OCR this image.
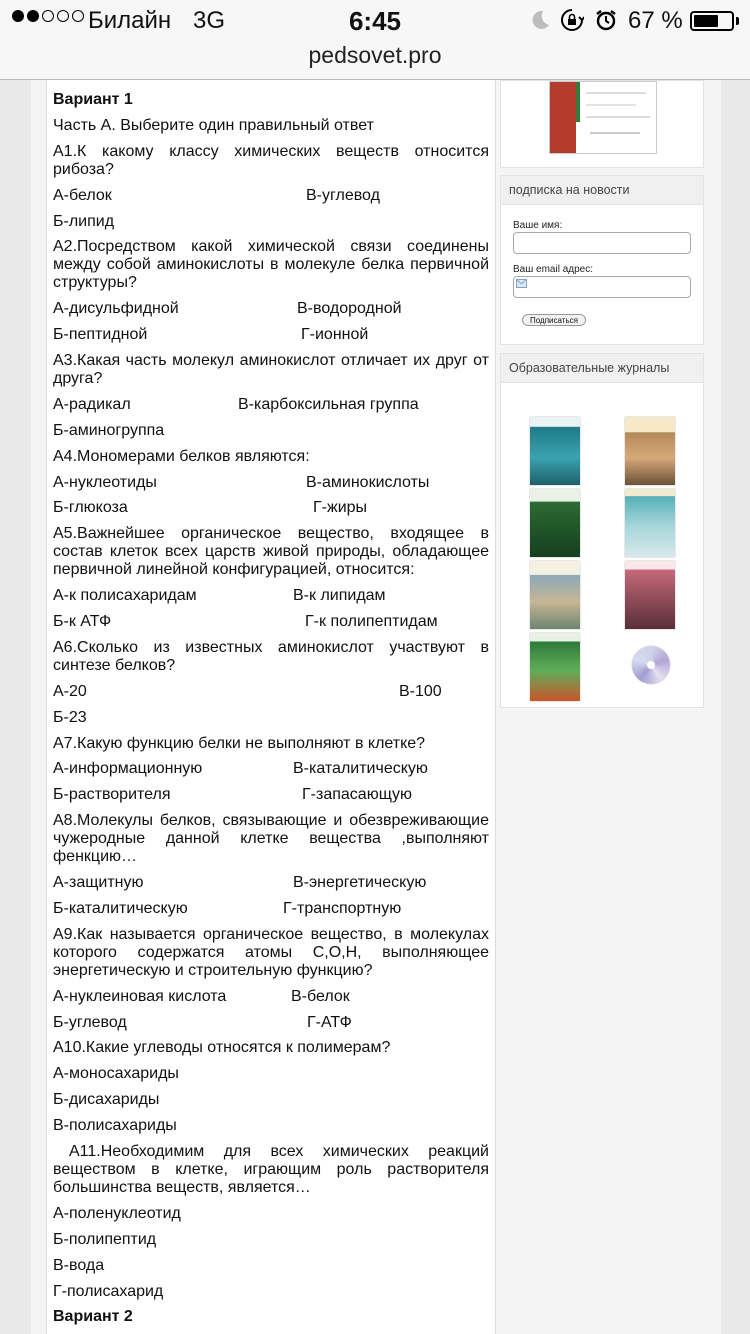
Билайн 3G	6:45	67 %
pedsovet.pro
Вариант 1
Часть А. Выберите один правильный ответ
А1.К какому классу химических веществ относится рибоза?
А-белок	В-углевод
Б-липид
А2.Посредством какой химической связи соединены между собой аминокислоты в молекуле белка первичной структуры?
А-дисульфидной	В-водородной
Б-пептидной	Г-ионной
А3.Какая часть молекул аминокислот отличает их друг от друга?
А-радикал	В-карбоксильная группа
Б-аминогруппа
А4.Мономерами белков являются:
А-нуклеотиды	В-аминокислоты
Б-глюкоза	Г-жиры
А5.Важнейшее органическое вещество, входящее в состав клеток всех царств живой природы, обладающее первичной линейной конфигурацией, относится:
А-к полисахаридам	В-к липидам
Б-к АТФ	Г-к полипептидам
А6.Сколько из известных аминокислот участвуют в синтезе белков?
А-20	В-100
Б-23
А7.Какую функцию белки не выполняют в клетке?
А-информационную	В-каталитическую
Б-растворителя	Г-запасающую
А8.Молекулы белков, связывающие и обезвреживающие чужеродные данной клетке вещества ,выполняют фенкцию…
А-защитную	В-энергетическую
Б-каталитическую	Г-транспортную
А9.Как называется органическое вещество, в молекулах которого содержатся атомы С,О,Н, выполняющее энергетическую и строительную функцию?
А-нуклеиновая кислота	В-белок
Б-углевод	Г-АТФ
А10.Какие углеводы относятся к полимерам?
А-моносахариды
Б-дисахариды
В-полисахариды
А11.Необходимим для всех химических реакций веществом в клетке, играющим роль растворителя большинства веществ, является…
А-поленуклеотид
Б-полипептид
В-вода
Г-полисахарид
Вариант 2
подписка на новости
Ваше имя:
Ваш email адрес:
Подписаться
Образовательные журналы
